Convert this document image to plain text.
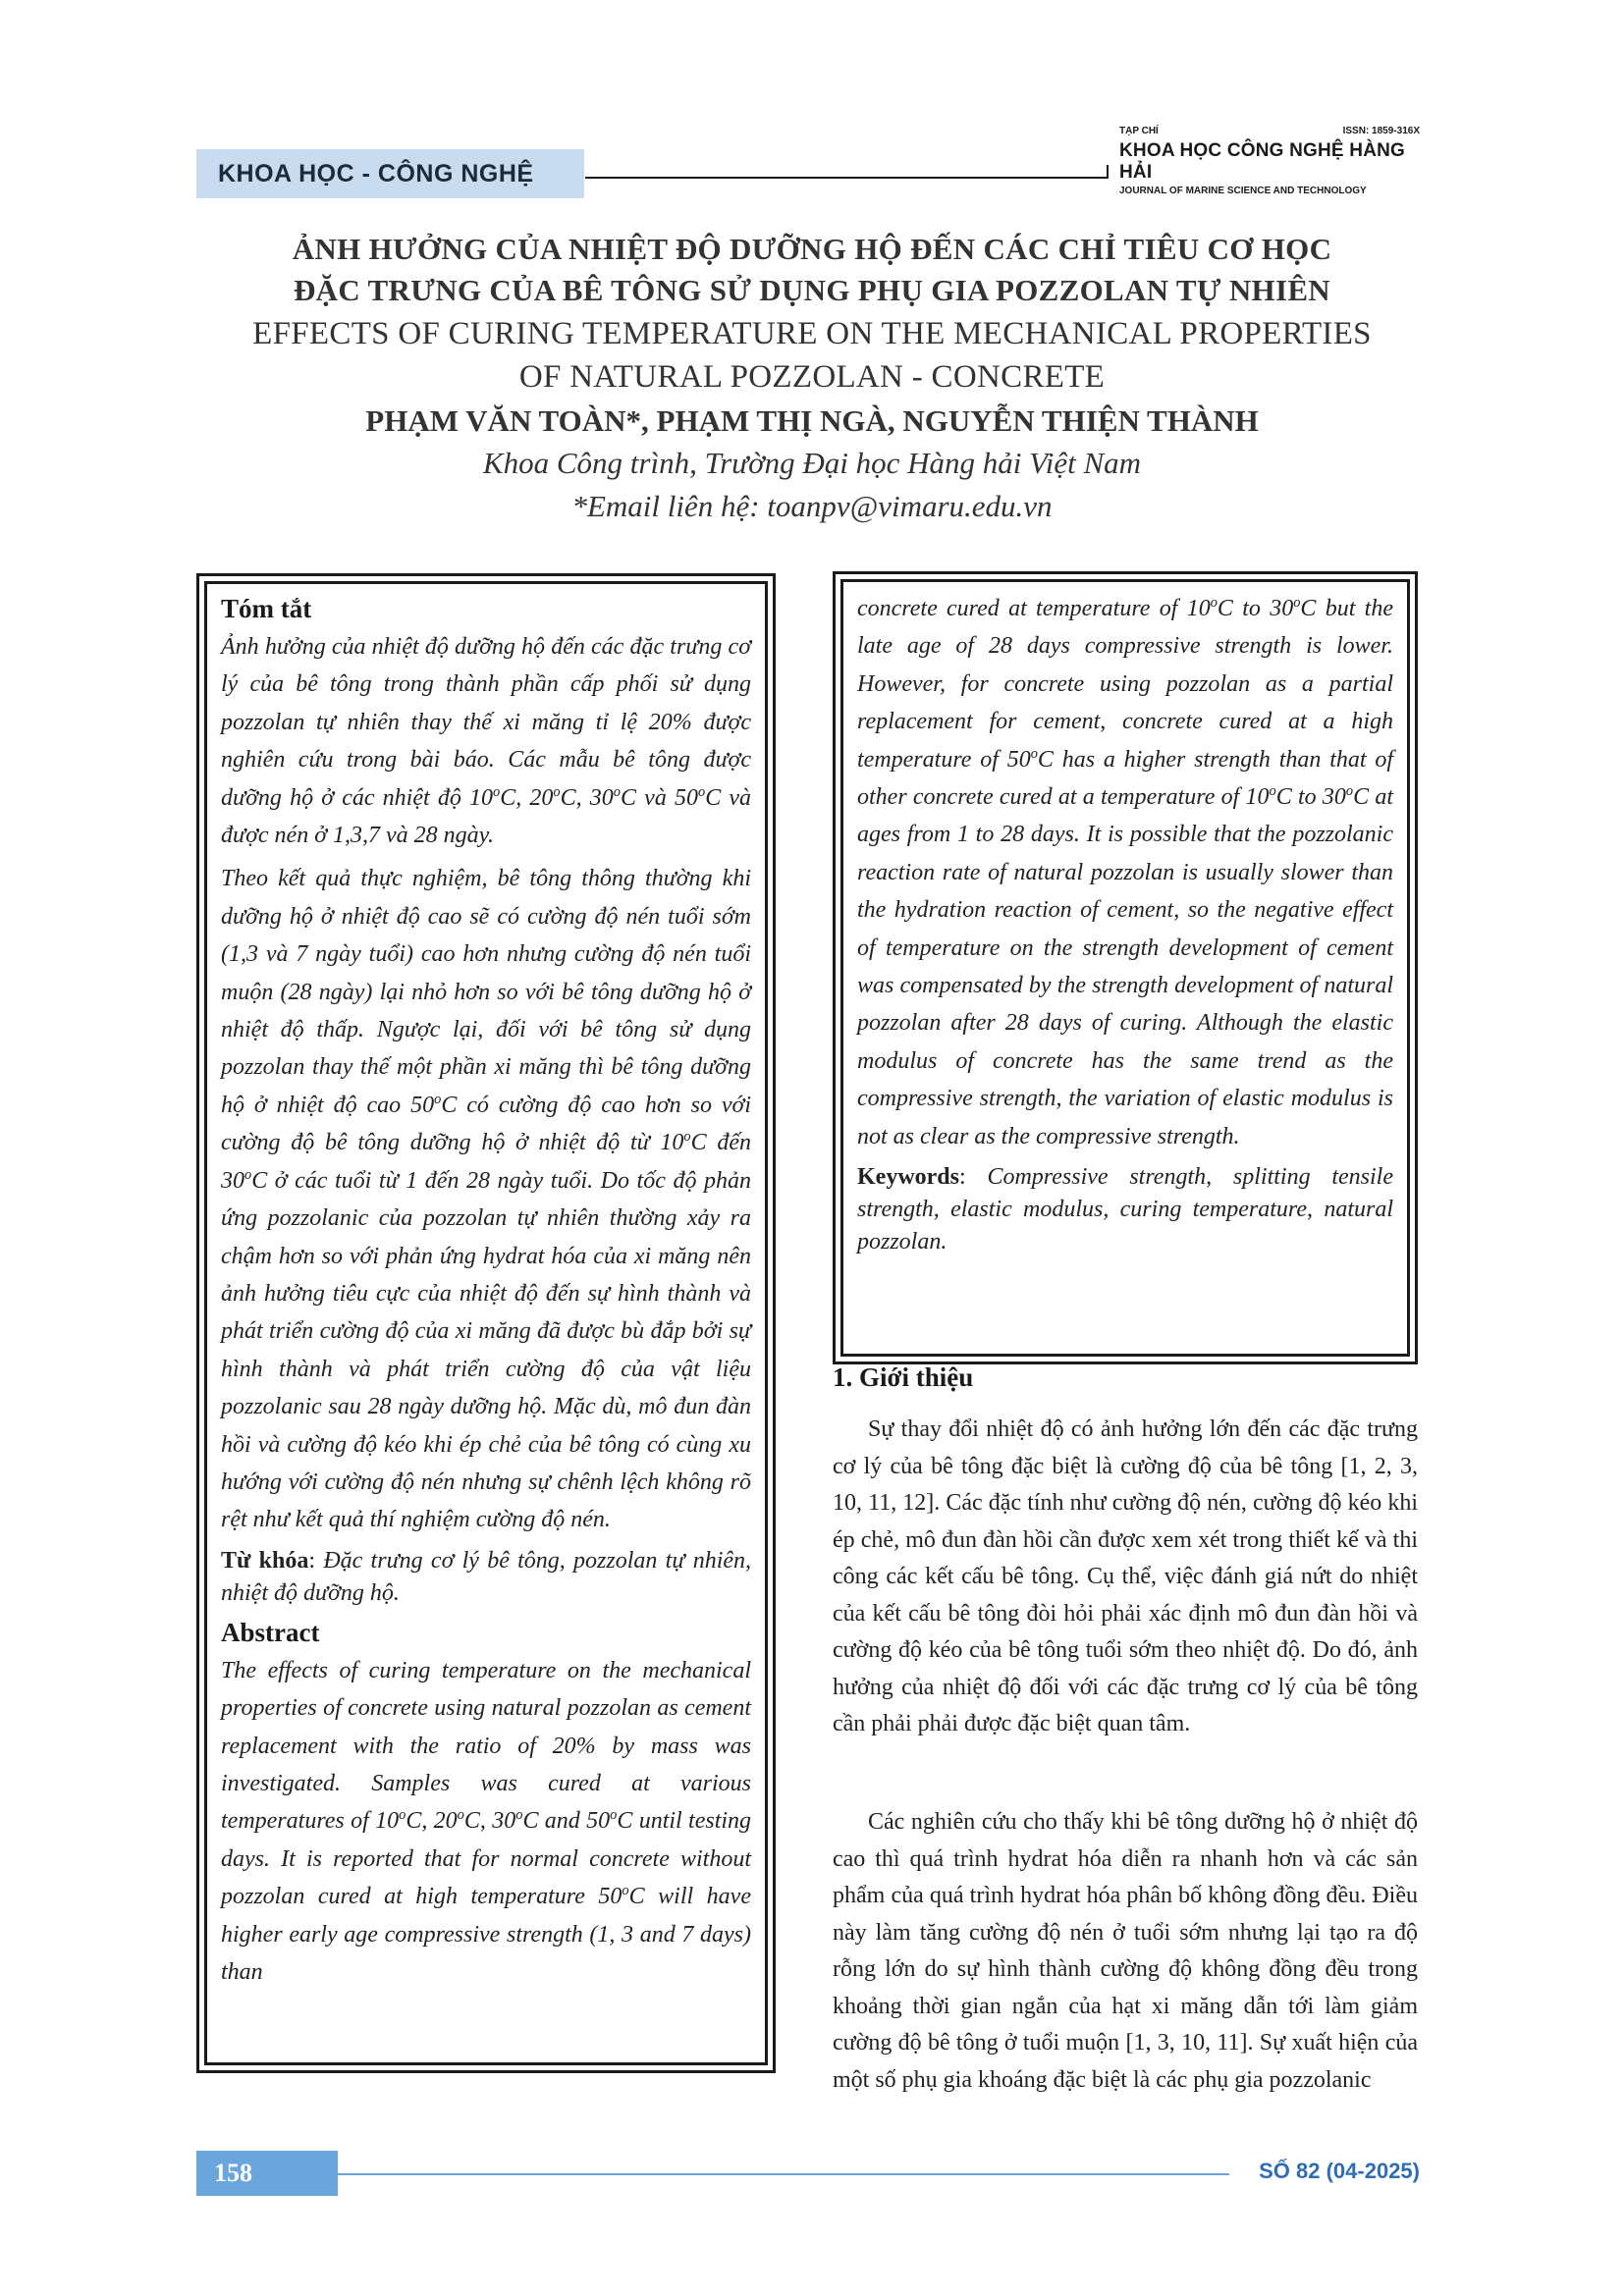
KHOA HỌC - CÔNG NGHỆ
TẠP CHÍ	ISSN: 1859-316X
KHOA HỌC CÔNG NGHỆ HÀNG HẢI
JOURNAL OF MARINE SCIENCE AND TECHNOLOGY
ẢNH HƯỞNG CỦA NHIỆT ĐỘ DƯỠNG HỘ ĐẾN CÁC CHỈ TIÊU CƠ HỌC
ĐẶC TRƯNG CỦA BÊ TÔNG SỬ DỤNG PHỤ GIA POZZOLAN TỰ NHIÊN
EFFECTS OF CURING TEMPERATURE ON THE MECHANICAL PROPERTIES
OF NATURAL POZZOLAN - CONCRETE
PHẠM VĂN TOÀN*, PHẠM THỊ NGÀ, NGUYỄN THIỆN THÀNH
Khoa Công trình, Trường Đại học Hàng hải Việt Nam
*Email liên hệ: toanpv@vimaru.edu.vn
Tóm tắt

Ảnh hưởng của nhiệt độ dưỡng hộ đến các đặc trưng cơ lý của bê tông trong thành phần cấp phối sử dụng pozzolan tự nhiên thay thế xi măng tỉ lệ 20% được nghiên cứu trong bài báo. Các mẫu bê tông được dưỡng hộ ở các nhiệt độ 10$^o$C, 20$^o$C, 30$^o$C và 50$^o$C và được nén ở 1,3,7 và 28 ngày.

Theo kết quả thực nghiệm, bê tông thông thường khi dưỡng hộ ở nhiệt độ cao sẽ có cường độ nén tuổi sớm (1,3 và 7 ngày tuổi) cao hơn nhưng cường độ nén tuổi muộn (28 ngày) lại nhỏ hơn so với bê tông dưỡng hộ ở nhiệt độ thấp. Ngược lại, đối với bê tông sử dụng pozzolan thay thế một phần xi măng thì bê tông dưỡng hộ ở nhiệt độ cao 50$^o$C có cường độ cao hơn so với cường độ bê tông dưỡng hộ ở nhiệt độ từ 10$^o$C đến 30$^o$C ở các tuổi từ 1 đến 28 ngày tuổi. Do tốc độ phản ứng pozzolanic của pozzolan tự nhiên thường xảy ra chậm hơn so với phản ứng hydrat hóa của xi măng nên ảnh hưởng tiêu cực của nhiệt độ đến sự hình thành và phát triển cường độ của xi măng đã được bù đắp bởi sự hình thành và phát triển cường độ của vật liệu pozzolanic sau 28 ngày dưỡng hộ. Mặc dù, mô đun đàn hồi và cường độ kéo khi ép chẻ của bê tông có cùng xu hướng với cường độ nén nhưng sự chênh lệch không rõ rệt như kết quả thí nghiệm cường độ nén.

Từ khóa: Đặc trưng cơ lý bê tông, pozzolan tự nhiên, nhiệt độ dưỡng hộ.

Abstract

The effects of curing temperature on the mechanical properties of concrete using natural pozzolan as cement replacement with the ratio of 20% by mass was investigated. Samples was cured at various temperatures of 10$^o$C, 20$^o$C, 30$^o$C and 50$^o$C until testing days. It is reported that for normal concrete without pozzolan cured at high temperature 50$^o$C will have higher early age compressive strength (1, 3 and 7 days) than

concrete cured at temperature of 10$^o$C to 30$^o$C but the late age of 28 days compressive strength is lower. However, for concrete using pozzolan as a partial replacement for cement, concrete cured at a high temperature of 50$^o$C has a higher strength than that of other concrete cured at a temperature of 10$^o$C to 30$^o$C at ages from 1 to 28 days. It is possible that the pozzolanic reaction rate of natural pozzolan is usually slower than the hydration reaction of cement, so the negative effect of temperature on the strength development of cement was compensated by the strength development of natural pozzolan after 28 days of curing. Although the elastic modulus of concrete has the same trend as the compressive strength, the variation of elastic modulus is not as clear as the compressive strength.

Keywords: Compressive strength, splitting tensile strength, elastic modulus, curing temperature, natural pozzolan.

1. Giới thiệu

Sự thay đổi nhiệt độ có ảnh hưởng lớn đến các đặc trưng cơ lý của bê tông đặc biệt là cường độ của bê tông [1, 2, 3, 10, 11, 12]. Các đặc tính như cường độ nén, cường độ kéo khi ép chẻ, mô đun đàn hồi cần được xem xét trong thiết kế và thi công các kết cấu bê tông. Cụ thể, việc đánh giá nứt do nhiệt của kết cấu bê tông đòi hỏi phải xác định mô đun đàn hồi và cường độ kéo của bê tông tuổi sớm theo nhiệt độ. Do đó, ảnh hưởng của nhiệt độ đối với các đặc trưng cơ lý của bê tông cần phải phải được đặc biệt quan tâm.

Các nghiên cứu cho thấy khi bê tông dưỡng hộ ở nhiệt độ cao thì quá trình hydrat hóa diễn ra nhanh hơn và các sản phẩm của quá trình hydrat hóa phân bố không đồng đều. Điều này làm tăng cường độ nén ở tuổi sớm nhưng lại tạo ra độ rỗng lớn do sự hình thành cường độ không đồng đều trong khoảng thời gian ngắn của hạt xi măng dẫn tới làm giảm cường độ bê tông ở tuổi muộn [1, 3, 10, 11]. Sự xuất hiện của một số phụ gia khoáng đặc biệt là các phụ gia pozzolanic

158	SỐ 82 (04-2025)
